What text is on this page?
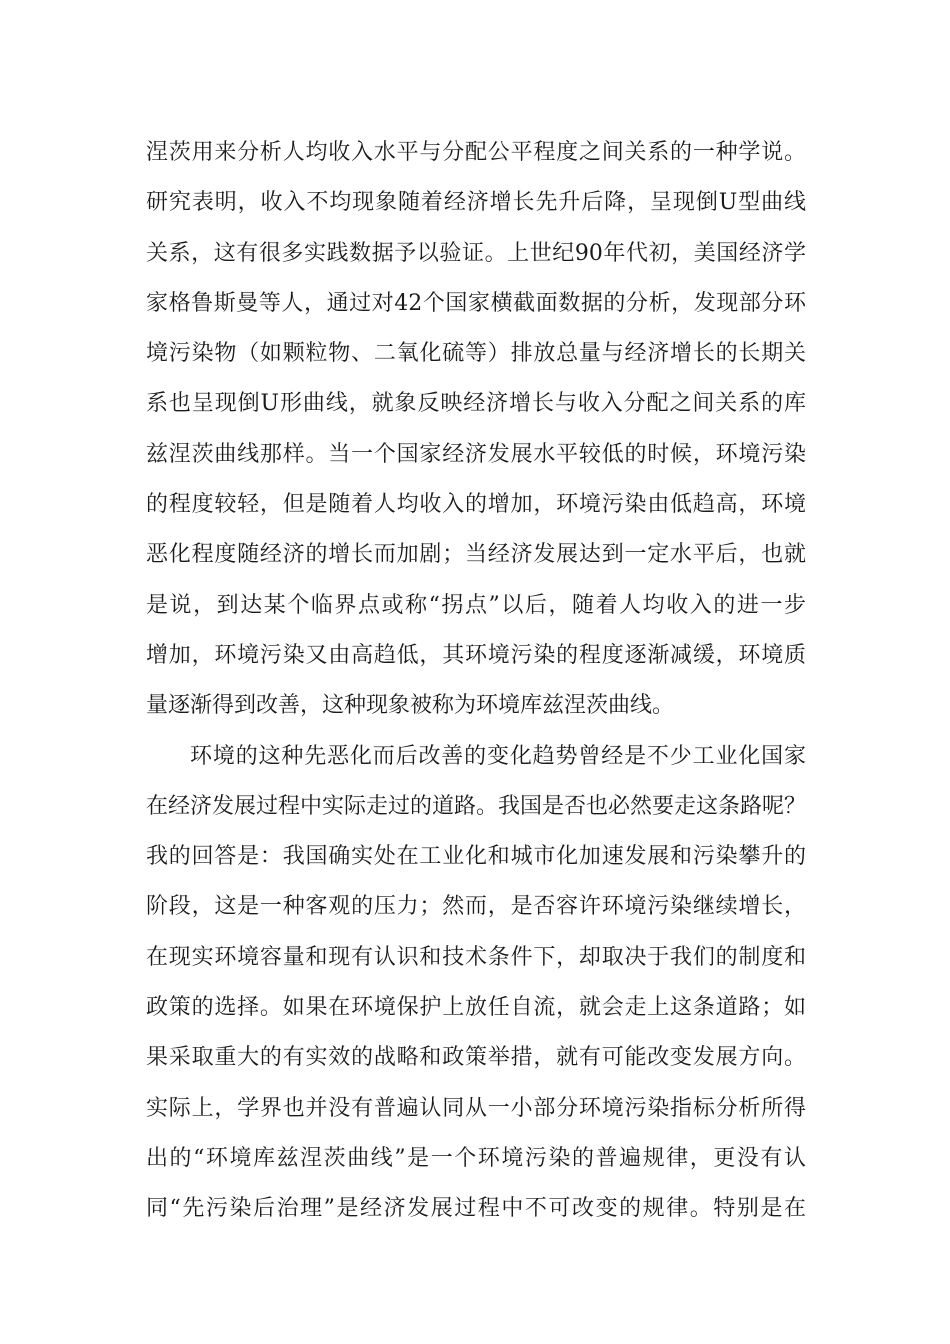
涅茨用来分析人均收入水平与分配公平程度之间关系的一种学说。
研究表明，收入不均现象随着经济增长先升后降，呈现倒U型曲线
关系，这有很多实践数据予以验证。上世纪90年代初，美国经济学
家格鲁斯曼等人，通过对42个国家横截面数据的分析，发现部分环
境污染物（如颗粒物、二氧化硫等）排放总量与经济增长的长期关
系也呈现倒U形曲线，就象反映经济增长与收入分配之间关系的库
兹涅茨曲线那样。当一个国家经济发展水平较低的时候，环境污染
的程度较轻，但是随着人均收入的增加，环境污染由低趋高，环境
恶化程度随经济的增长而加剧；当经济发展达到一定水平后，也就
是说，到达某个临界点或称“拐点”以后，随着人均收入的进一步
增加，环境污染又由高趋低，其环境污染的程度逐渐减缓，环境质
量逐渐得到改善，这种现象被称为环境库兹涅茨曲线。
环境的这种先恶化而后改善的变化趋势曾经是不少工业化国家
在经济发展过程中实际走过的道路。我国是否也必然要走这条路呢？
我的回答是：我国确实处在工业化和城市化加速发展和污染攀升的
阶段，这是一种客观的压力；然而，是否容许环境污染继续增长，
在现实环境容量和现有认识和技术条件下，却取决于我们的制度和
政策的选择。如果在环境保护上放任自流，就会走上这条道路；如
果采取重大的有实效的战略和政策举措，就有可能改变发展方向。
实际上，学界也并没有普遍认同从一小部分环境污染指标分析所得
出的“环境库兹涅茨曲线”是一个环境污染的普遍规律，更没有认
同“先污染后治理”是经济发展过程中不可改变的规律。特别是在
